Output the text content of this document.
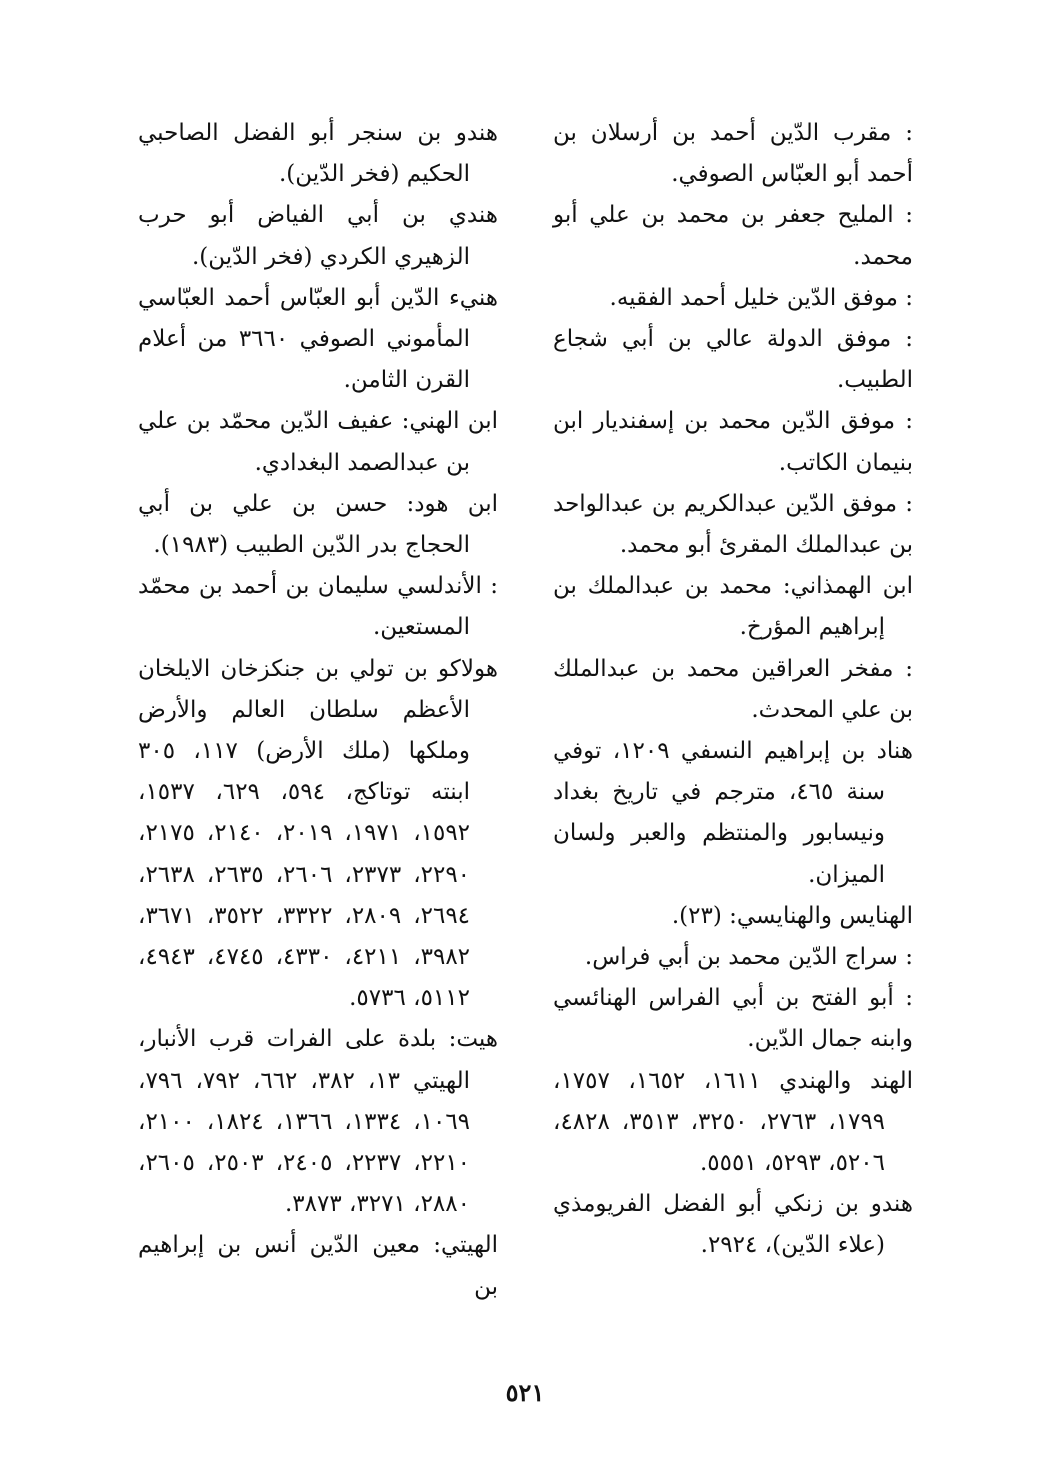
: مقرب الدّين أحمد بن أرسلان بن أحمد أبو العبّاس الصوفي.
: المليح جعفر بن محمد بن علي أبو محمد.
: موفق الدّين خليل أحمد الفقيه.
: موفق الدولة عالي بن أبي شجاع الطبيب.
: موفق الدّين محمد بن إسفنديار ابن بنيمان الكاتب.
: موفق الدّين عبدالكريم بن عبدالواحد بن عبدالملك المقرئ أبو محمد.
ابن الهمذاني: محمد بن عبدالملك بن إبراهيم المؤرخ.
: مفخر العراقين محمد بن عبدالملك بن علي المحدث.
هناد بن إبراهيم النسفي ١٢٠٩، توفي سنة ٤٦٥، مترجم في تاريخ بغداد ونيسابور والمنتظم والعبر ولسان الميزان.
الهنايس والهنايسي: (٢٣).
: سراج الدّين محمد بن أبي فراس.
: أبو الفتح بن أبي الفراس الهنائسي وابنه جمال الدّين.
الهند والهندي ١٦١١، ١٦٥٢، ١٧٥٧، ١٧٩٩، ٢٧٦٣، ٣٢٥٠، ٣٥١٣، ٤٨٢٨، ٥٢٠٦، ٥٢٩٣، ٥٥٥١.
هندو بن زنكي أبو الفضل الفريومذي (علاء الدّين)، ٢٩٢٤.
هندو بن سنجر أبو الفضل الصاحبي الحكيم (فخر الدّين).
هندي بن أبي الفياض أبو حرب الزهيري الكردي (فخر الدّين).
هنيء الدّين أبو العبّاس أحمد العبّاسي المأموني الصوفي ٣٦٦٠ من أعلام القرن الثامن.
ابن الهني: عفيف الدّين محمّد بن علي بن عبدالصمد البغدادي.
ابن هود: حسن بن علي بن أبي الحجاج بدر الدّين الطبيب (١٩٨٣).
: الأندلسي سليمان بن أحمد بن محمّد المستعين.
هولاكو بن تولي بن جنكزخان الايلخان الأعظم سلطان العالم والأرض وملكها (ملك الأرض) ١١٧، ٣٠٥ ابنته توتاكج، ٥٩٤، ٦٢٩، ١٥٣٧، ١٥٩٢، ١٩٧١، ٢٠١٩، ٢١٤٠، ٢١٧٥، ٢٢٩٠، ٢٣٧٣، ٢٦٠٦، ٢٦٣٥، ٢٦٣٨، ٢٦٩٤، ٢٨٠٩، ٣٣٢٢، ٣٥٢٢، ٣٦٧١، ٣٩٨٢، ٤٢١١، ٤٣٣٠، ٤٧٤٥، ٤٩٤٣، ٥١١٢، ٥٧٣٦.
هيت: بلدة على الفرات قرب الأنبار، الهيتي ١٣، ٣٨٢، ٦٦٢، ٧٩٢، ٧٩٦، ١٠٦٩، ١٣٣٤، ١٣٦٦، ١٨٢٤، ٢١٠٠، ٢٢١٠، ٢٢٣٧، ٢٤٠٥، ٢٥٠٣، ٢٦٠٥، ٢٨٨٠، ٣٢٧١، ٣٨٧٣.
الهيتي: معين الدّين أنس بن إبراهيم بن
٥٢١
